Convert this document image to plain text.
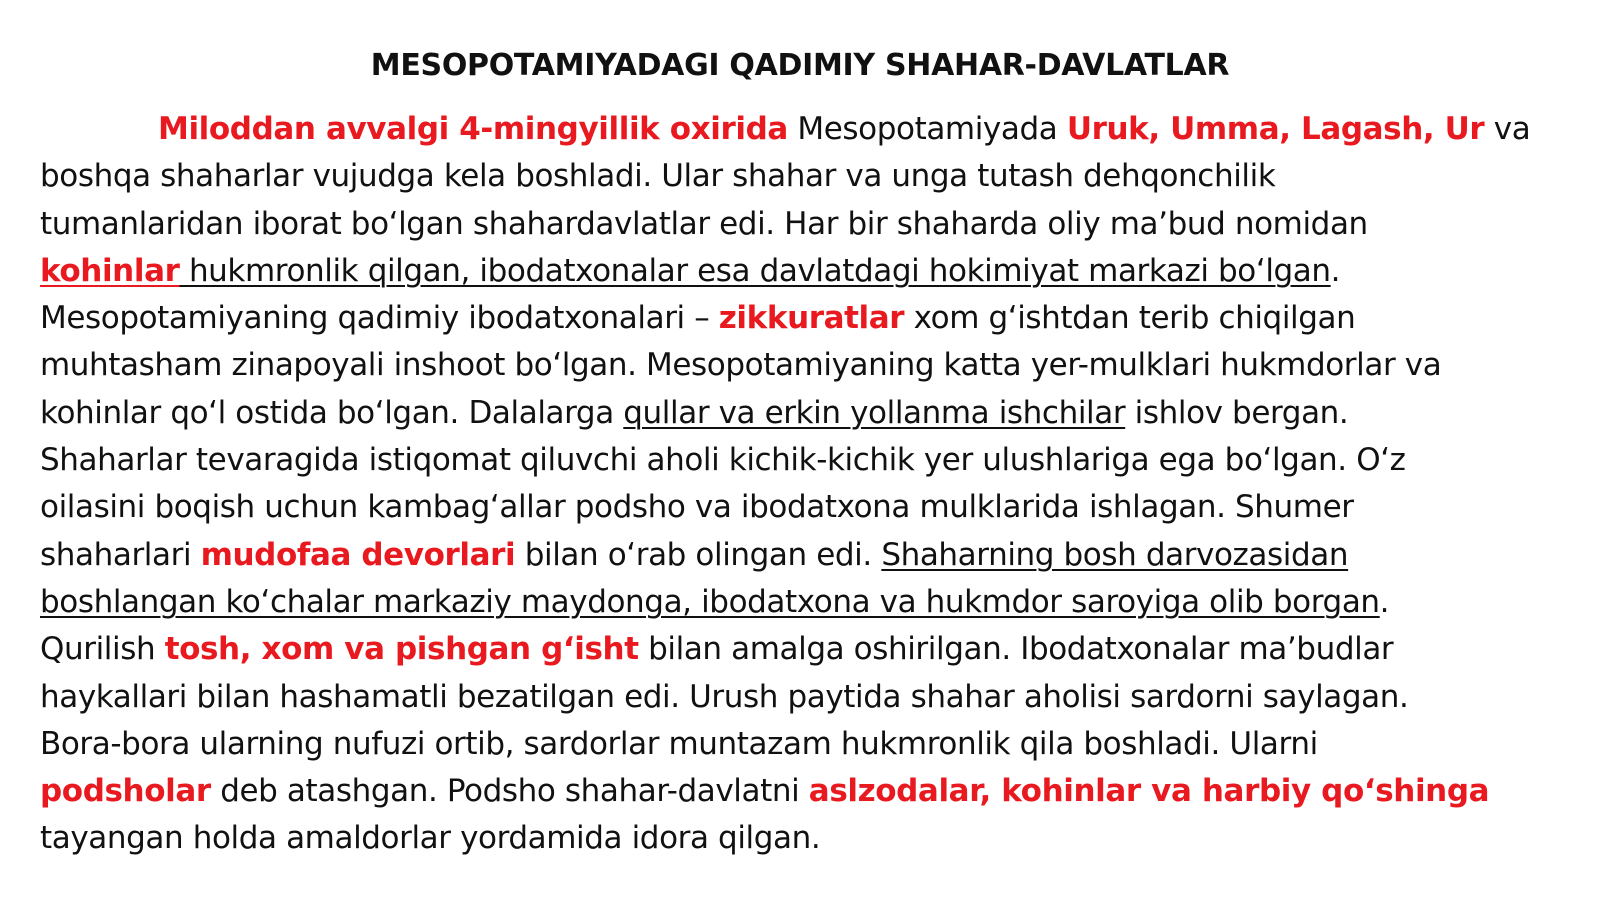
MESOPOTAMIYADAGI QADIMIY SHAHAR-DAVLATLAR
Miloddan avvalgi 4-mingyillik oxirida Mesopotamiyada Uruk, Umma, Lagash, Ur va
boshqa shaharlar vujudga kela boshladi. Ular shahar va unga tutash dehqonchilik
tumanlaridan iborat boʻlgan shahardavlatlar edi. Har bir shaharda oliy maʼbud nomidan
kohinlar hukmronlik qilgan, ibodatxonalar esa davlatdagi hokimiyat markazi boʻlgan.
Mesopotamiyaning qadimiy ibodatxonalari – zikkuratlar xom gʻishtdan terib chiqilgan
muhtasham zinapoyali inshoot boʻlgan. Mesopotamiyaning katta yer-mulklari hukmdorlar va
kohinlar qoʻl ostida boʻlgan. Dalalarga qullar va erkin yollanma ishchilar ishlov bergan.
Shaharlar tevaragida istiqomat qiluvchi aholi kichik-kichik yer ulushlariga ega boʻlgan. Oʻz
oilasini boqish uchun kambagʻallar podsho va ibodatxona mulklarida ishlagan. Shumer
shaharlari mudofaa devorlari bilan oʻrab olingan edi. Shaharning bosh darvozasidan
boshlangan koʻchalar markaziy maydonga, ibodatxona va hukmdor saroyiga olib borgan.
Qurilish tosh, xom va pishgan gʻisht bilan amalga oshirilgan. Ibodatxonalar maʼbudlar
haykallari bilan hashamatli bezatilgan edi. Urush paytida shahar aholisi sardorni saylagan.
Bora-bora ularning nufuzi ortib, sardorlar muntazam hukmronlik qila boshladi. Ularni
podsholar deb atashgan. Podsho shahar-davlatni aslzodalar, kohinlar va harbiy qoʻshinga
tayangan holda amaldorlar yordamida idora qilgan.
